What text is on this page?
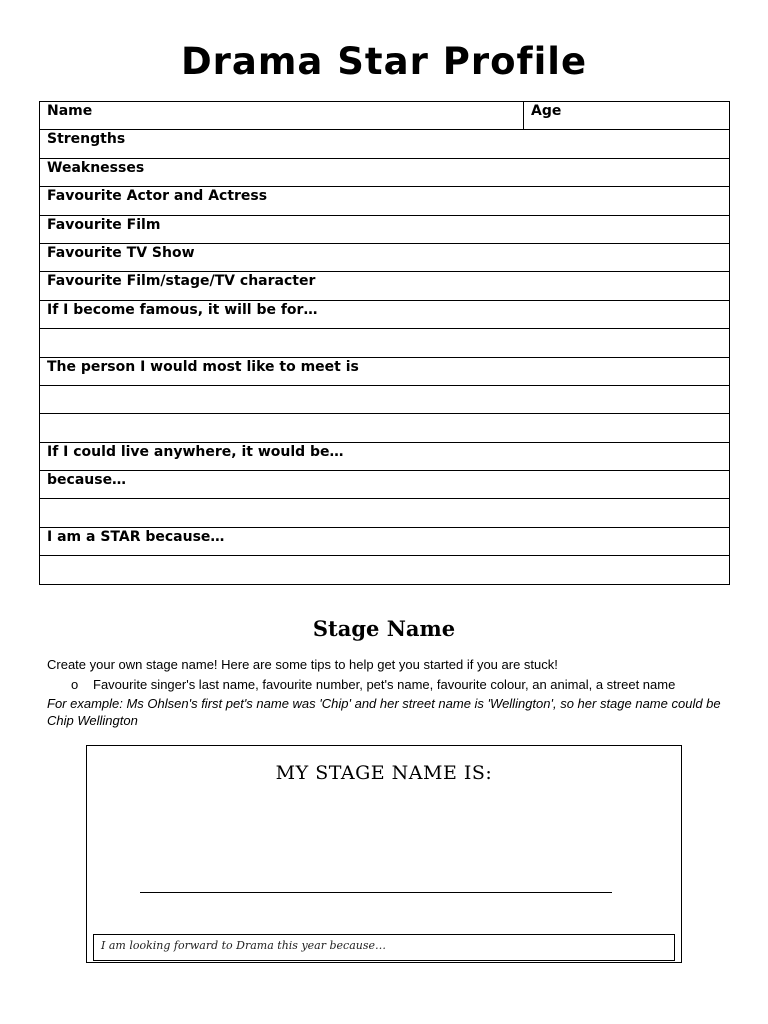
Drama Star Profile
Name	Age
Strengths
Weaknesses
Favourite Actor and Actress
Favourite Film
Favourite TV Show
Favourite Film/stage/TV character
If I become famous, it will be for…

The person I would most like to meet is

If I could live anywhere, it would be…
because…

I am a STAR because…

Stage Name

Create your own stage name! Here are some tips to help get you started if you are stuck!

o Favourite singer's last name, favourite number, pet's name, favourite colour, an animal, a street name

For example: Ms Ohlsen's first pet's name was 'Chip' and her street name is 'Wellington', so her stage name could be Chip Wellington

MY STAGE NAME IS:
I am looking forward to Drama this year because…
